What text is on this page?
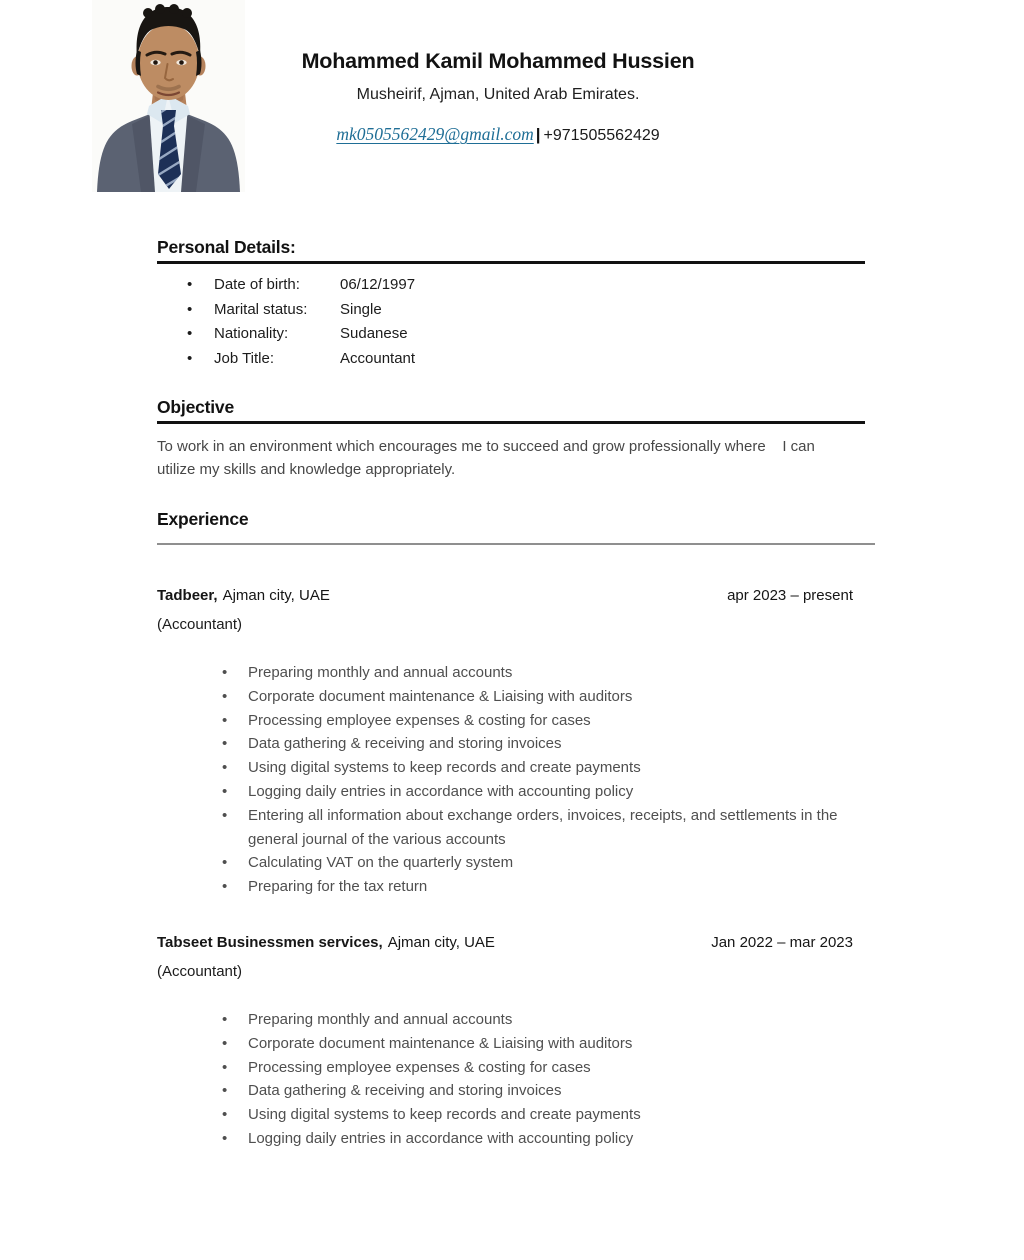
Mohammed Kamil Mohammed Hussien
Musheirif, Ajman, United Arab Emirates.
mk0505562429@gmail.com | +971505562429
Personal Details:
• Date of birth:	06/12/1997
• Marital status: Single
• Nationality:	Sudanese
• Job Title:	Accountant
Objective

To work in an environment which encourages me to succeed and grow professionally where    I can

utilize my skills and knowledge appropriately.

Experience
Tadbeer, Ajman city, UAE	apr 2023 – present
(Accountant)
• Preparing monthly and annual accounts
• Corporate document maintenance & Liaising with auditors
• Processing employee expenses & costing for cases
• Data gathering & receiving and storing invoices
• Using digital systems to keep records and create payments
• Logging daily entries in accordance with accounting policy
• Entering all information about exchange orders, invoices, receipts, and settlements in the general journal of the various accounts
• Calculating VAT on the quarterly system
• Preparing for the tax return
Tabseet Businessmen services, Ajman city, UAE	Jan 2022 – mar 2023
(Accountant)
• Preparing monthly and annual accounts
• Corporate document maintenance & Liaising with auditors
• Processing employee expenses & costing for cases
• Data gathering & receiving and storing invoices
• Using digital systems to keep records and create payments
• Logging daily entries in accordance with accounting policy
